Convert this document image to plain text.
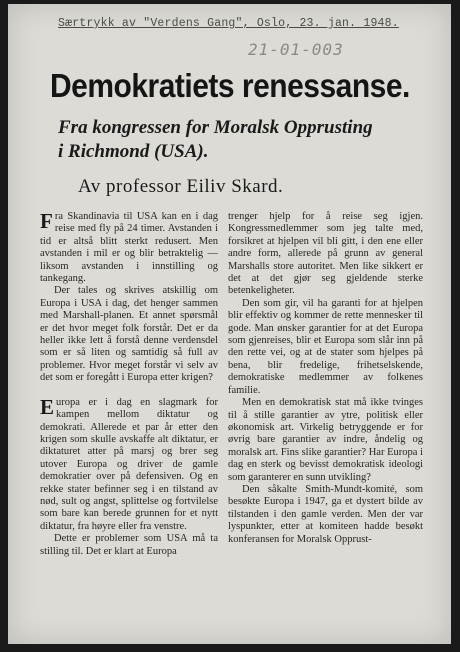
Særtrykk av "Verdens Gang", Oslo, 23. jan. 1948.
21-01-003
Demokratiets renessanse.
Fra kongressen for Moralsk Opprusting
i Richmond (USA).
Av professor Eiliv Skard.

Fra Skandinavia til USA kan en i dag reise med fly på 24 timer. Avstanden i tid er altså blitt sterkt redusert. Men avstanden i mil er og blir betraktelig — liksom avstanden i innstilling og tankegang.

Der tales og skrives atskillig om Europa i USA i dag, det henger sammen med Marshall-planen. Et annet spørsmål er det hvor meget folk forstår. Det er da heller ikke lett å forstå denne verdensdel som er så liten og samtidig så full av problemer. Hvor meget forstår vi selv av det som er foregått i Europa etter krigen?

Europa er i dag en slagmark for kampen mellom diktatur og demokrati. Allerede et par år etter den krigen som skulle avskaffe alt diktatur, er diktaturet atter på marsj og brer seg utover Europa og driver de gamle demokratier over på defensiven. Og en rekke stater befinner seg i en tilstand av nød, sult og angst, splittelse og fortvilelse som bare kan berede grunnen for et nytt diktatur, fra høyre eller fra venstre.

Dette er problemer som USA må ta stilling til. Det er klart at Europa

trenger hjelp for å reise seg igjen. Kongressmedlemmer som jeg talte med, forsikret at hjelpen vil bli gitt, i den ene eller andre form, allerede på grunn av general Marshalls store autoritet. Men like sikkert er det at det gjør seg gjeldende sterke betenkeligheter.

Den som gir, vil ha garanti for at hjelpen blir effektiv og kommer de rette mennesker til gode. Man ønsker garantier for at det Europa som gjenreises, blir et Europa som slår inn på den rette vei, og at de stater som hjelpes på bena, blir fredelige, frihetselskende, demokratiske medlemmer av folkenes familie.

Men en demokratisk stat må ikke tvinges til å stille garantier av ytre, politisk eller økonomisk art. Virkelig betryggende er for øvrig bare garantier av indre, åndelig og moralsk art. Fins slike garantier? Har Europa i dag en sterk og bevisst demokratisk ideologi som garanterer en sunn utvikling?

Den såkalte Smith-Mundt-komité, som besøkte Europa i 1947, ga et dystert bilde av tilstanden i den gamle verden. Men der var lyspunkter, etter at komiteen hadde besøkt konferansen for Moralsk Opprust-
